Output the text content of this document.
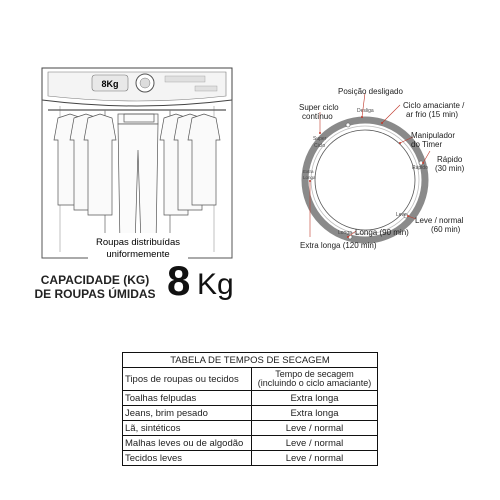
8Kg
Roupas distribuídas
uniformemente
CAPACIDADE (KG)
DE ROUPAS ÚMIDAS 8 Kg
Desliga
Super
Ciclo
Rápido
Extra
Longa
Leve
Longa
Posição desligado
Super ciclo
contínuo
Ciclo amaciante /
ar frio (15 min)
Manipulador
do Timer
Rápido
(30 min)
Leve / normal
(60 min)
Longa (90 min)
Extra longa (120 min)
TABELA DE TEMPOS DE SECAGEM	
Tipos de roupas ou tecidos	Tempo de secagem
(incluindo o ciclo amaciante)
Toalhas felpudas	Extra longa
Jeans, brim pesado	Extra longa
Lã, sintéticos	Leve / normal
Malhas leves ou de algodão	Leve / normal
Tecidos leves	Leve / normal
